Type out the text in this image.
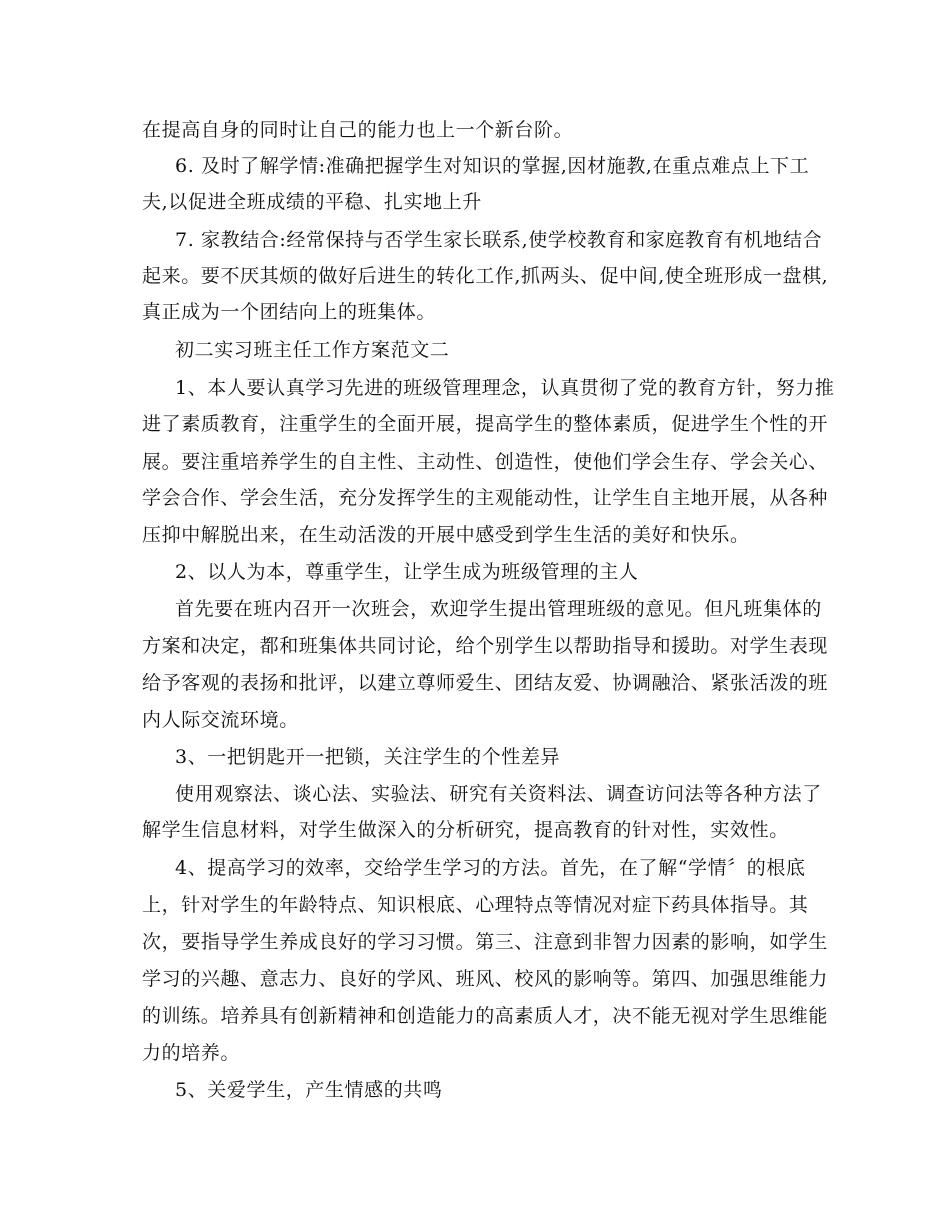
在提高自身的同时让自己的能力也上一个新台阶。
6. 及时了解学情:准确把握学生对知识的掌握,因材施教,在重点难点上下工
夫,以促进全班成绩的平稳、扎实地上升
7. 家教结合:经常保持与否学生家长联系,使学校教育和家庭教育有机地结合
起来。要不厌其烦的做好后进生的转化工作,抓两头、促中间,使全班形成一盘棋,
真正成为一个团结向上的班集体。
初二实习班主任工作方案范文二
1、本人要认真学习先进的班级管理理念，认真贯彻了党的教育方针，努力推
进了素质教育，注重学生的全面开展，提高学生的整体素质，促进学生个性的开
展。要注重培养学生的自主性、主动性、创造性，使他们学会生存、学会关心、
学会合作、学会生活，充分发挥学生的主观能动性，让学生自主地开展，从各种
压抑中解脱出来，在生动活泼的开展中感受到学生生活的美好和快乐。
2、以人为本，尊重学生，让学生成为班级管理的主人
首先要在班内召开一次班会，欢迎学生提出管理班级的意见。但凡班集体的
方案和决定，都和班集体共同讨论，给个别学生以帮助指导和援助。对学生表现
给予客观的表扬和批评，以建立尊师爱生、团结友爱、协调融洽、紧张活泼的班
内人际交流环境。
3、一把钥匙开一把锁，关注学生的个性差异
使用观察法、谈心法、实验法、研究有关资料法、调查访问法等各种方法了
解学生信息材料，对学生做深入的分析研究，提高教育的针对性，实效性。
4、提高学习的效率，交给学生学习的方法。首先，在了解“学情〞的根底
上，针对学生的年龄特点、知识根底、心理特点等情况对症下药具体指导。其
次，要指导学生养成良好的学习习惯。第三、注意到非智力因素的影响，如学生
学习的兴趣、意志力、良好的学风、班风、校风的影响等。第四、加强思维能力
的训练。培养具有创新精神和创造能力的高素质人才，决不能无视对学生思维能
力的培养。
5、关爱学生，产生情感的共鸣
